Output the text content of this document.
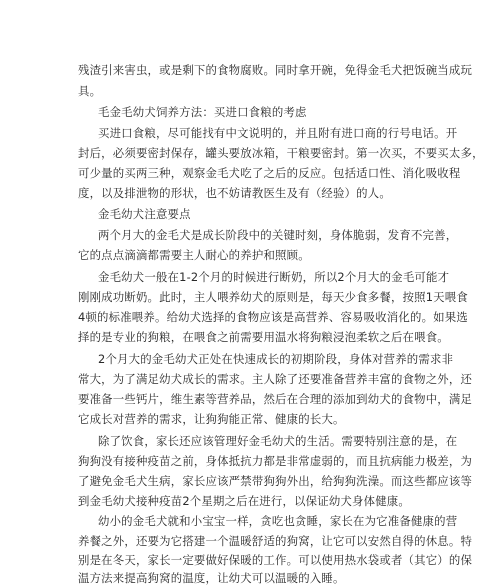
残渣引来害虫，或是剩下的食物腐败。同时拿开碗，免得金毛犬把饭碗当成玩
具。
毛金毛幼犬饲养方法：买进口食粮的考虑
买进口食粮，尽可能找有中文说明的，并且附有进口商的行号电话。开
封后，必须要密封保存，罐头要放冰箱，干粮要密封。第一次买，不要买太多，
可少量的买两三种，观察金毛犬吃了之后的反应。包括适口性、消化吸收程
度，以及排泄物的形状，也不妨请教医生及有（经验）的人。
金毛幼犬注意要点
两个月大的金毛犬是成长阶段中的关键时刻，身体脆弱，发育不完善，
它的点点滴滴都需要主人耐心的养护和照顾。
金毛幼犬一般在1-2个月的时候进行断奶，所以2个月大的金毛可能才
刚刚成功断奶。此时，主人喂养幼犬的原则是，每天少食多餐，按照1天喂食
4顿的标准喂养。给幼犬选择的食物应该是高营养、容易吸收消化的。如果选
择的是专业的狗粮，在喂食之前需要用温水将狗粮浸泡柔软之后在喂食。
2个月大的金毛幼犬正处在快速成长的初期阶段，身体对营养的需求非
常大，为了满足幼犬成长的需求。主人除了还要准备营养丰富的食物之外，还
要准备一些钙片，维生素等营养品，然后在合理的添加到幼犬的食物中，满足
它成长对营养的需求，让狗狗能正常、健康的长大。
除了饮食，家长还应该管理好金毛幼犬的生活。需要特别注意的是，在
狗狗没有接种疫苗之前，身体抵抗力都是非常虚弱的，而且抗病能力极差，为
了避免金毛犬生病，家长应该严禁带狗狗外出，给狗狗洗澡。而这些都应该等
到金毛幼犬接种疫苗2个星期之后在进行，以保证幼犬身体健康。
幼小的金毛犬就和小宝宝一样，贪吃也贪睡，家长在为它准备健康的营
养餐之外，还要为它搭建一个温暖舒适的狗窝，让它可以安然自得的休息。特
别是在冬天，家长一定要做好保暖的工作。可以使用热水袋或者（其它）的保
温方法来提高狗窝的温度，让幼犬可以温暖的入睡。
